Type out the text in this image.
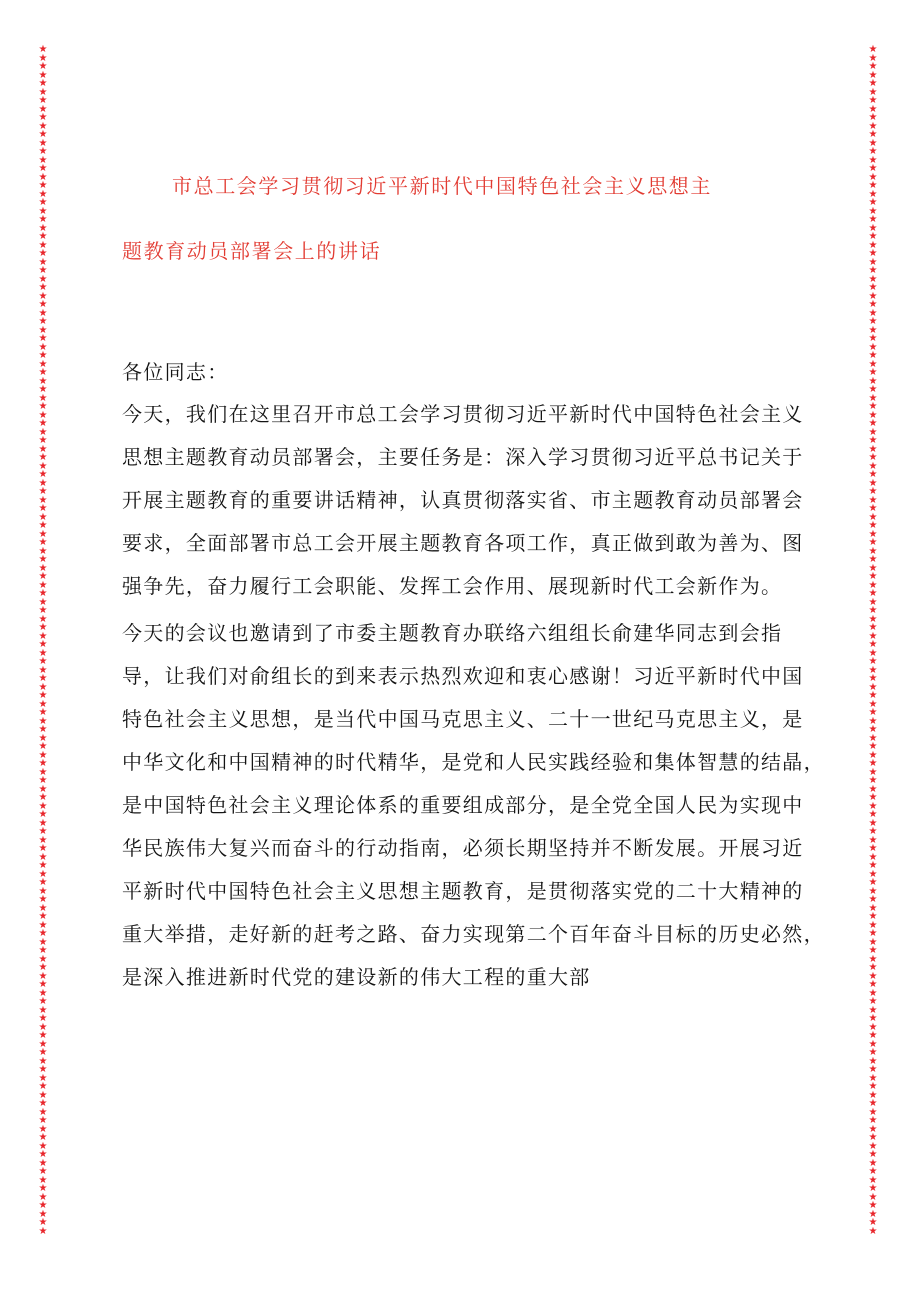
★
★
★
★
★
★
★
★
★
★
★
★
★
★
★
★
★
★
★
★
★
★
★
★
★
★
★
★
★
★
★
★
★
★
★
★
★
★
★
★
★
★
★
★
★
★
★
★
★
★
★
★
★
★
★
★
★
★
★
★
★
★
★
★
★
★
★
★
★
★
★
★
★
★
★
★
★
★
★
★
★
★
★
★
★
★
★
★
★
★
★
★
★
★
★
★
★
★
★
★
★
★
★
★
★
★
★
★
★
★
★
★
★
★
★
★
★
★
★
★
★
★
★
★
★
★
★
★
★
★
★
★
★
★
★
★
★
★
★
★
★
★
★
★
★
★
★
★
★
★
★
★
★
★
★
★
★
★
★
★
★
★
★
★
★
★
★
★
★
★
★
★
★
★
★
★
★
★
★
★
★
★
★
★
★
★
★
★
★
★
★
★
★
★
★
★
★
★
★
★
★
★
★
★
★
★
★
★
★
★
★
★
★
★
★
★
★
★
★
★
★
★
★
★
★
★
★
★
★
★
★
★
★
★
★
★
★
★
★
★
★
★
★
★
★
★
★
★
★
★
★
★
★
★
★
★
★
★
★
★
★
★
★
★
★
★
★
★
★
★
★
★
★
★
★
★
★
★
★
★
市总工会学习贯彻习近平新时代中国特色社会主义思想主
题教育动员部署会上的讲话
各位同志：
今天，我们在这里召开市总工会学习贯彻习近平新时代中国特色社会主义
思想主题教育动员部署会，主要任务是：深入学习贯彻习近平总书记关于
开展主题教育的重要讲话精神，认真贯彻落实省、市主题教育动员部署会
要求，全面部署市总工会开展主题教育各项工作，真正做到敢为善为、图
强争先，奋力履行工会职能、发挥工会作用、展现新时代工会新作为。
今天的会议也邀请到了市委主题教育办联络六组组长俞建华同志到会指
导，让我们对俞组长的到来表示热烈欢迎和衷心感谢！习近平新时代中国
特色社会主义思想，是当代中国马克思主义、二十一世纪马克思主义，是
中华文化和中国精神的时代精华，是党和人民实践经验和集体智慧的结晶，
是中国特色社会主义理论体系的重要组成部分，是全党全国人民为实现中
华民族伟大复兴而奋斗的行动指南，必须长期坚持并不断发展。开展习近
平新时代中国特色社会主义思想主题教育，是贯彻落实党的二十大精神的
重大举措，走好新的赶考之路、奋力实现第二个百年奋斗目标的历史必然，
是深入推进新时代党的建设新的伟大工程的重大部
